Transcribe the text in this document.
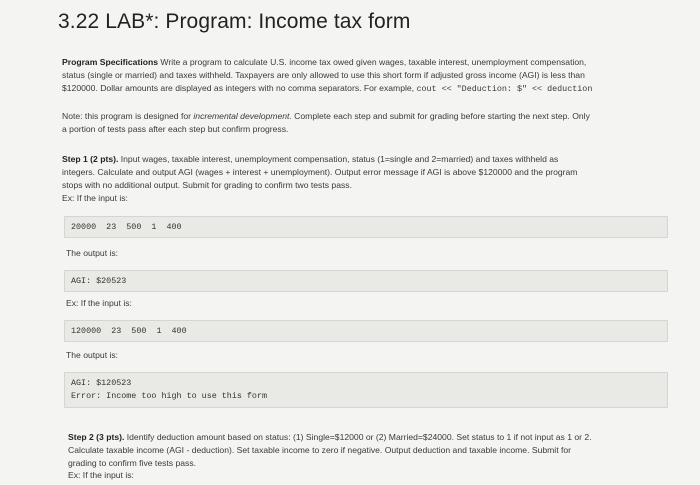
3.22 LAB*: Program: Income tax form
Program Specifications Write a program to calculate U.S. income tax owed given wages, taxable interest, unemployment compensation,
status (single or married) and taxes withheld. Taxpayers are only allowed to use this short form if adjusted gross income (AGI) is less than
$120000. Dollar amounts are displayed as integers with no comma separators. For example, cout << "Deduction: $" << deduction
Note: this program is designed for incremental development. Complete each step and submit for grading before starting the next step. Only
a portion of tests pass after each step but confirm progress.
Step 1 (2 pts). Input wages, taxable interest, unemployment compensation, status (1=single and 2=married) and taxes withheld as
integers. Calculate and output AGI (wages + interest + unemployment). Output error message if AGI is above $120000 and the program
stops with no additional output. Submit for grading to confirm two tests pass.
Ex: If the input is:
20000  23  500  1  400
The output is:
AGI: $20523
Ex: If the input is:
120000  23  500  1  400
The output is:
AGI: $120523
Error: Income too high to use this form
Step 2 (3 pts). Identify deduction amount based on status: (1) Single=$12000 or (2) Married=$24000. Set status to 1 if not input as 1 or 2.
Calculate taxable income (AGI - deduction). Set taxable income to zero if negative. Output deduction and taxable income. Submit for
grading to confirm five tests pass.
Ex: If the input is:
